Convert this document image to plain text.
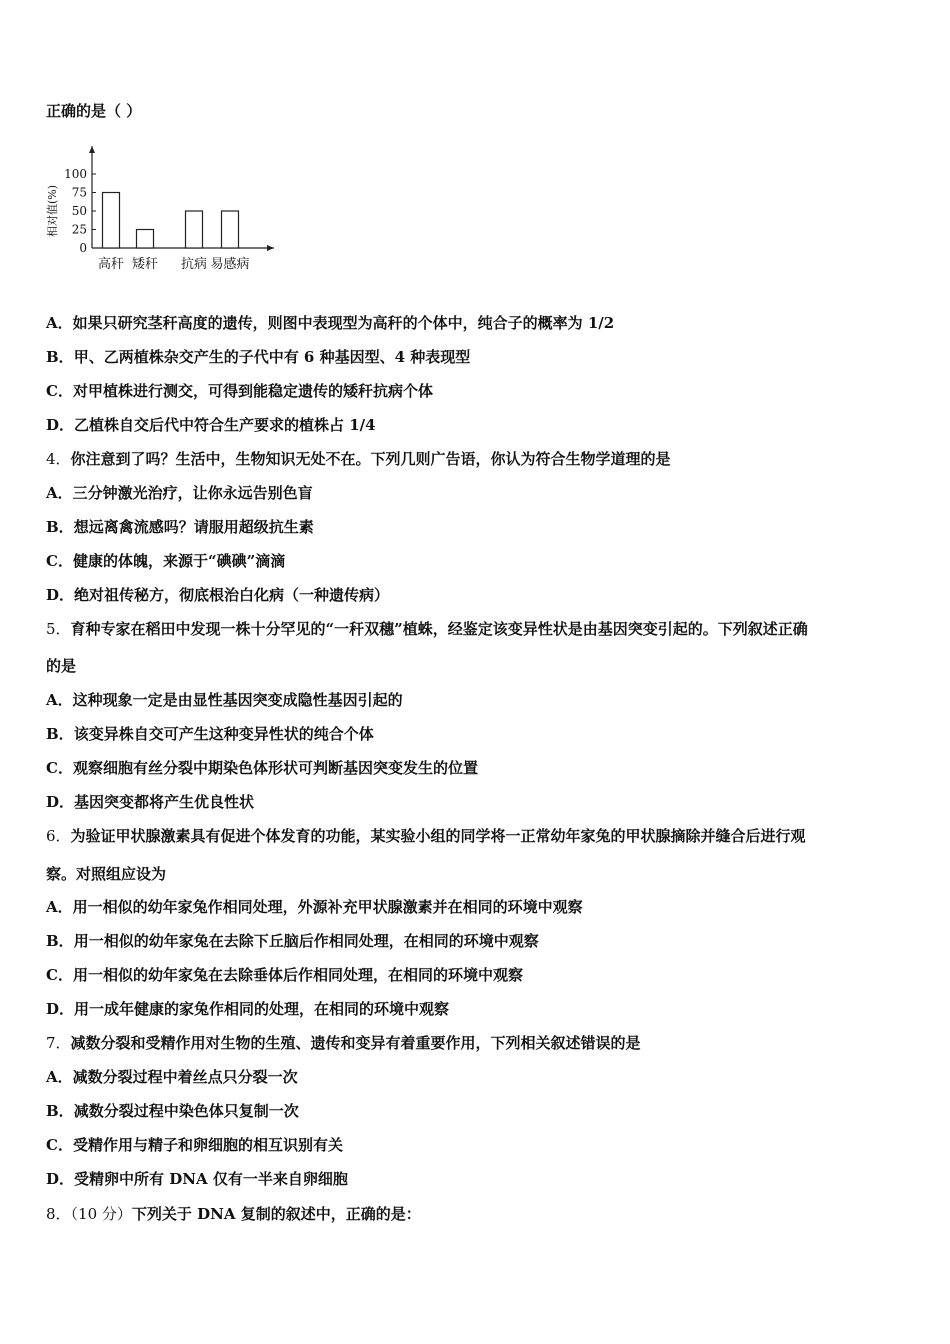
正确的是（ ）
0
25
50
75
100
相对值(%)
高秆 矮秆 抗病 易感病
A．如果只研究茎秆高度的遗传，则图中表现型为高秆的个体中，纯合子的概率为 1/2
B．甲、乙两植株杂交产生的子代中有 6 种基因型、4 种表现型
C．对甲植株进行测交，可得到能稳定遗传的矮秆抗病个体
D．乙植株自交后代中符合生产要求的植株占 1/4
4．你注意到了吗？生活中，生物知识无处不在。下列几则广告语，你认为符合生物学道理的是
A．三分钟激光治疗，让你永远告别色盲
B．想远离禽流感吗？请服用超级抗生素
C．健康的体魄，来源于“碘碘”滴滴
D．绝对祖传秘方，彻底根治白化病（一种遗传病）
5．育种专家在稻田中发现一株十分罕见的“一秆双穗”植蛛，经鉴定该变异性状是由基因突变引起的。下列叙述正确
的是
A．这种现象一定是由显性基因突变成隐性基因引起的
B．该变异株自交可产生这种变异性状的纯合个体
C．观察细胞有丝分裂中期染色体形状可判断基因突变发生的位置
D．基因突变都将产生优良性状
6．为验证甲状腺激素具有促进个体发育的功能，某实验小组的同学将一正常幼年家兔的甲状腺摘除并缝合后进行观
察。对照组应设为
A．用一相似的幼年家兔作相同处理，外源补充甲状腺激素并在相同的环境中观察
B．用一相似的幼年家兔在去除下丘脑后作相同处理，在相同的环境中观察
C．用一相似的幼年家兔在去除垂体后作相同处理，在相同的环境中观察
D．用一成年健康的家兔作相同的处理，在相同的环境中观察
7．减数分裂和受精作用对生物的生殖、遗传和变异有着重要作用，下列相关叙述错误的是
A．减数分裂过程中着丝点只分裂一次
B．减数分裂过程中染色体只复制一次
C．受精作用与精子和卵细胞的相互识别有关
D．受精卵中所有 DNA 仅有一半来自卵细胞
8．（10 分）下列关于 DNA 复制的叙述中，正确的是：
